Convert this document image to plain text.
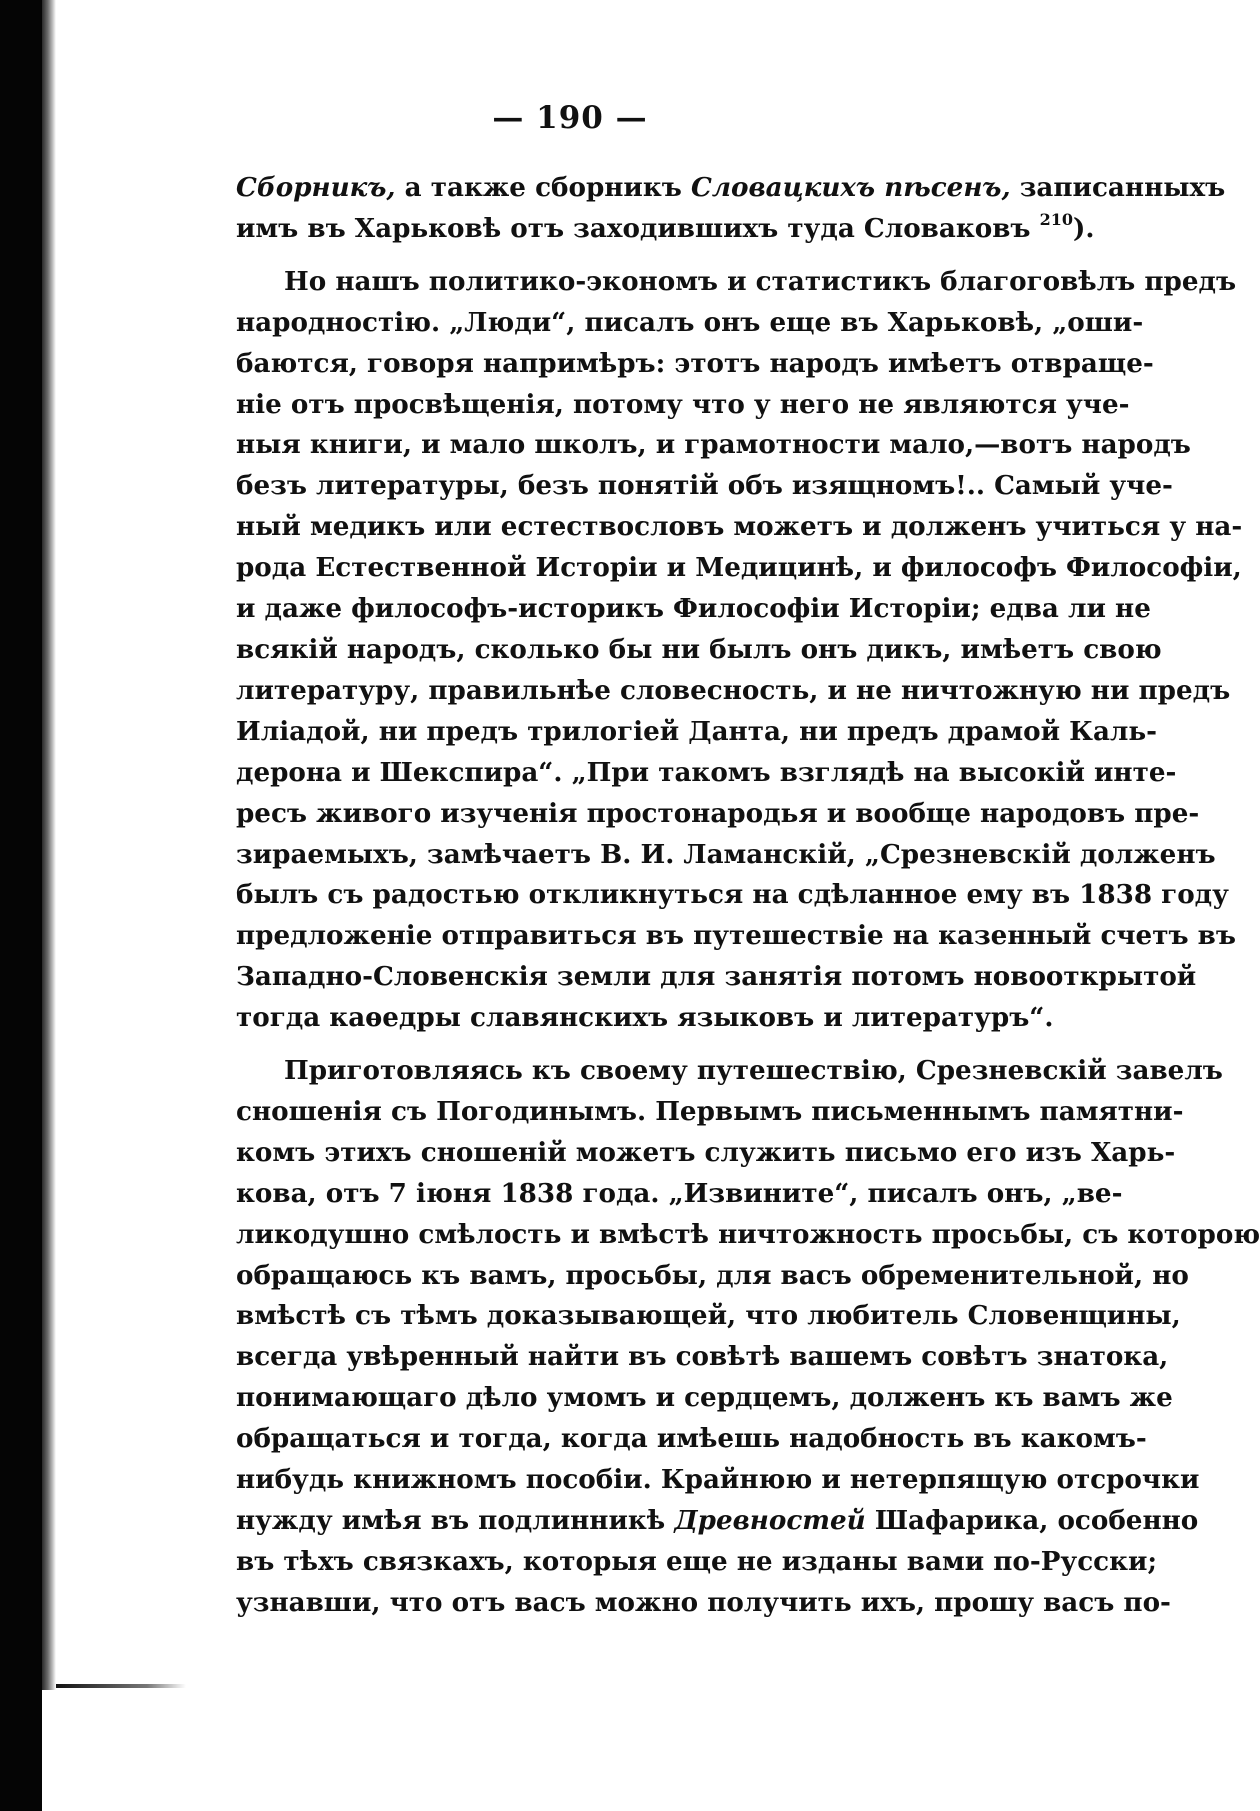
— 190 —
Сборникъ, а также сборникъ Словацкихъ пѣсенъ, записанныхъ
имъ въ Харьковѣ отъ заходившихъ туда Словаковъ $^{210}$).
Но нашъ политико-экономъ и статистикъ благоговѣлъ предъ
народностію. „Люди“, писалъ онъ еще въ Харьковѣ, „оши-
баются, говоря напримѣръ: этотъ народъ имѣетъ отвраще-
ніе отъ просвѣщенія, потому что у него не являются уче-
ныя книги, и мало школъ, и грамотности мало,—вотъ народъ
безъ литературы, безъ понятій объ изящномъ!.. Самый уче-
ный медикъ или естествословъ можетъ и долженъ учиться у на-
рода Естественной Исторіи и Медицинѣ, и философъ Философіи,
и даже философъ-историкъ Философіи Исторіи; едва ли не
всякій народъ, сколько бы ни былъ онъ дикъ, имѣетъ свою
литературу, правильнѣе словесность, и не ничтожную ни предъ
Иліадой, ни предъ трилогіей Данта, ни предъ драмой Каль-
дерона и Шекспира“. „При такомъ взглядѣ на высокій инте-
ресъ живого изученія простонародья и вообще народовъ пре-
зираемыхъ, замѣчаетъ В. И. Ламанскій, „Срезневскій долженъ
былъ съ радостью откликнуться на сдѣланное ему въ 1838 году
предложеніе отправиться въ путешествіе на казенный счетъ въ
Западно-Словенскія земли для занятія потомъ новооткрытой
тогда каѳедры славянскихъ языковъ и литературъ“.
Приготовляясь къ своему путешествію, Срезневскій завелъ
сношенія съ Погодинымъ. Первымъ письменнымъ памятни-
комъ этихъ сношеній можетъ служить письмо его изъ Харь-
кова, отъ 7 іюня 1838 года. „Извините“, писалъ онъ, „ве-
ликодушно смѣлость и вмѣстѣ ничтожность просьбы, съ которою
обращаюсь къ вамъ, просьбы, для васъ обременительной, но
вмѣстѣ съ тѣмъ доказывающей, что любитель Словенщины,
всегда увѣренный найти въ совѣтѣ вашемъ совѣтъ знатока,
понимающаго дѣло умомъ и сердцемъ, долженъ къ вамъ же
обращаться и тогда, когда имѣешь надобность въ какомъ-
нибудь книжномъ пособіи. Крайнюю и нетерпящую отсрочки
нужду имѣя въ подлинникѣ Древностей Шафарика, особенно
въ тѣхъ связкахъ, которыя еще не изданы вами по-Русски;
узнавши, что отъ васъ можно получить ихъ, прошу васъ по-
